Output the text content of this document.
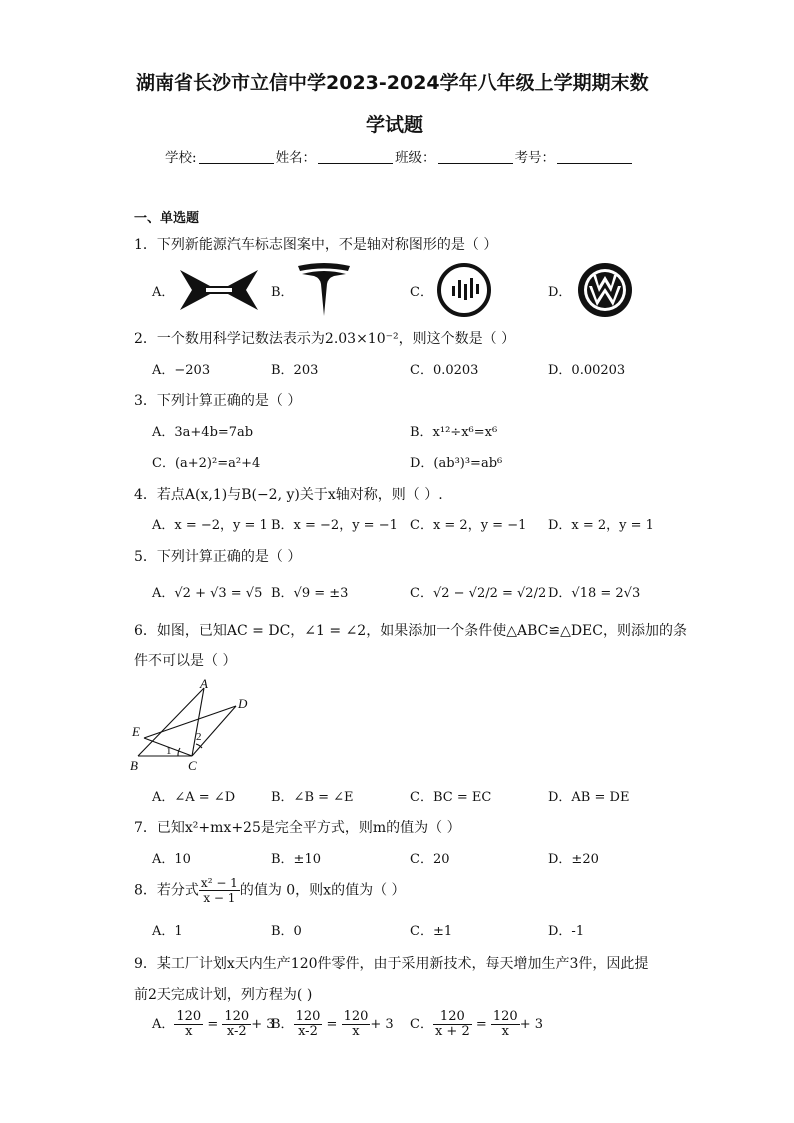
湖南省长沙市立信中学2023-2024学年八年级上学期期末数
学试题
学校:	姓名：	班级：	考号：
一、单选题
1．下列新能源汽车标志图案中，不是轴对称图形的是（ ）
A．	B．	C．	D．
2．一个数用科学记数法表示为2.03×10⁻²，则这个数是（ ）
A．−203	B．203	C．0.0203	D．0.00203
3．下列计算正确的是（ ）
A．3a+4b=7ab	B．x¹²÷x⁶=x⁶
C．(a+2)²=a²+4	D．(ab³)³=ab⁶
4．若点A(x,1)与B(−2, y)关于x轴对称，则（ ）.
A．x = −2，y = 1 B．x = −2，y = −1 C．x = 2，y = −1 D．x = 2，y = 1
5．下列计算正确的是（ ）
A．√2 + √3 = √5 B．√9 = ±3	C．√2 − √2/2 = √2/2 D．√18 = 2√3
6．如图，已知AC = DC，∠1 = ∠2，如果添加一个条件使△ABC≌△DEC，则添加的条
件不可以是（ ）
A
B	C
D
E
1
2
A．∠A = ∠D	B．∠B = ∠E	C．BC = EC	D．AB = DE
7．已知x²+mx+25是完全平方式，则m的值为（ ）
A．10	B．±10	C．20	D．±20
8．若分式 $\frac{\text{x² − 1}}{x - 1}$ 的值为 0，则x的值为（ ）
A．1	B．0	C．±1	D．-1
9．某工厂计划x天内生产120件零件，由于采用新技术，每天增加生产3件，因此提
前2天完成计划，列方程为( )
A． $\frac{120}{x} = \frac{120}{x-2} + 3$
B． $\frac{120}{x-2} = \frac{120}{x} + 3$ C． $\frac{120}{x + 2} = \frac{120}{x} + 3$
